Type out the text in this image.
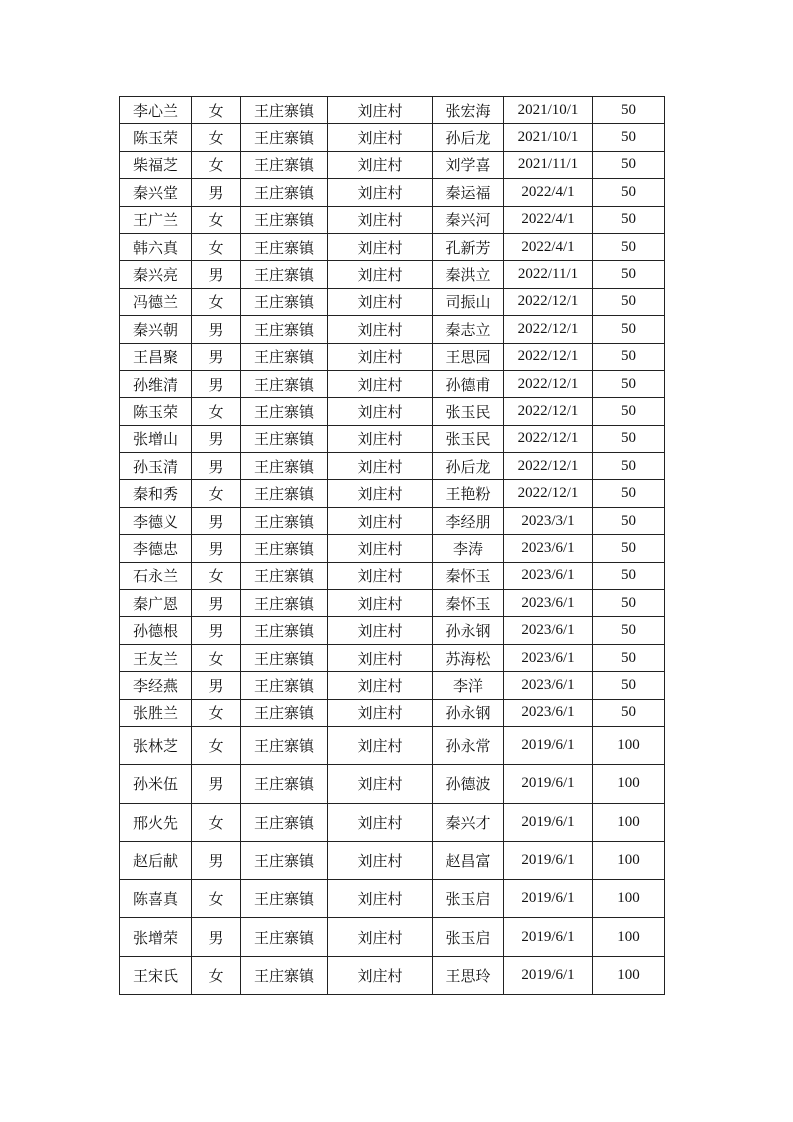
李心兰	女	王庄寨镇	刘庄村	张宏海	2021/10/1	50
陈玉荣	女	王庄寨镇	刘庄村	孙后龙	2021/10/1	50
柴福芝	女	王庄寨镇	刘庄村	刘学喜	2021/11/1	50
秦兴堂	男	王庄寨镇	刘庄村	秦运福	2022/4/1	50
王广兰	女	王庄寨镇	刘庄村	秦兴河	2022/4/1	50
韩六真	女	王庄寨镇	刘庄村	孔新芳	2022/4/1	50
秦兴亮	男	王庄寨镇	刘庄村	秦洪立	2022/11/1	50
冯德兰	女	王庄寨镇	刘庄村	司振山	2022/12/1	50
秦兴朝	男	王庄寨镇	刘庄村	秦志立	2022/12/1	50
王昌聚	男	王庄寨镇	刘庄村	王思园	2022/12/1	50
孙维清	男	王庄寨镇	刘庄村	孙德甫	2022/12/1	50
陈玉荣	女	王庄寨镇	刘庄村	张玉民	2022/12/1	50
张增山	男	王庄寨镇	刘庄村	张玉民	2022/12/1	50
孙玉清	男	王庄寨镇	刘庄村	孙后龙	2022/12/1	50
秦和秀	女	王庄寨镇	刘庄村	王艳粉	2022/12/1	50
李德义	男	王庄寨镇	刘庄村	李经朋	2023/3/1	50
李德忠	男	王庄寨镇	刘庄村	李涛	2023/6/1	50
石永兰	女	王庄寨镇	刘庄村	秦怀玉	2023/6/1	50
秦广恩	男	王庄寨镇	刘庄村	秦怀玉	2023/6/1	50
孙德根	男	王庄寨镇	刘庄村	孙永钢	2023/6/1	50
王友兰	女	王庄寨镇	刘庄村	苏海松	2023/6/1	50
李经燕	男	王庄寨镇	刘庄村	李洋	2023/6/1	50
张胜兰	女	王庄寨镇	刘庄村	孙永钢	2023/6/1	50
张林芝	女	王庄寨镇	刘庄村	孙永常	2019/6/1	100
孙米伍	男	王庄寨镇	刘庄村	孙德波	2019/6/1	100
邢火先	女	王庄寨镇	刘庄村	秦兴才	2019/6/1	100
赵后献	男	王庄寨镇	刘庄村	赵昌富	2019/6/1	100
陈喜真	女	王庄寨镇	刘庄村	张玉启	2019/6/1	100
张增荣	男	王庄寨镇	刘庄村	张玉启	2019/6/1	100
王宋氏	女	王庄寨镇	刘庄村	王思玲	2019/6/1	100
